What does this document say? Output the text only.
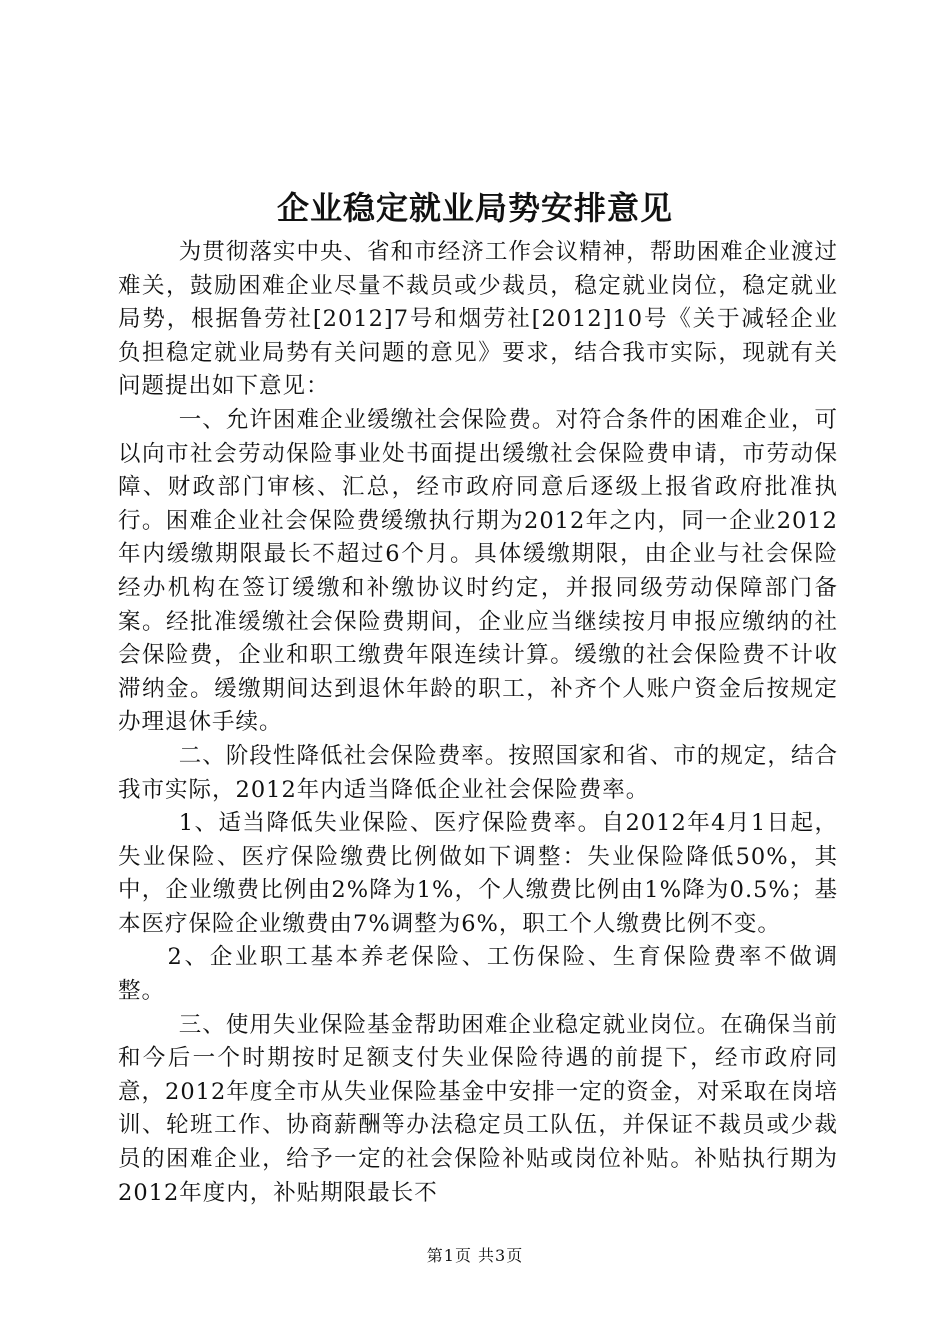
企业稳定就业局势安排意见

为贯彻落实中央、省和市经济工作会议精神，帮助困难企业渡过难关，鼓励困难企业尽量不裁员或少裁员，稳定就业岗位，稳定就业局势，根据鲁劳社[2012]7号和烟劳社[2012]10号《关于减轻企业负担稳定就业局势有关问题的意见》要求，结合我市实际，现就有关问题提出如下意见：

一、允许困难企业缓缴社会保险费。对符合条件的困难企业，可以向市社会劳动保险事业处书面提出缓缴社会保险费申请，市劳动保障、财政部门审核、汇总，经市政府同意后逐级上报省政府批准执行。困难企业社会保险费缓缴执行期为2012年之内，同一企业2012年内缓缴期限最长不超过6个月。具体缓缴期限，由企业与社会保险经办机构在签订缓缴和补缴协议时约定，并报同级劳动保障部门备案。经批准缓缴社会保险费期间，企业应当继续按月申报应缴纳的社会保险费，企业和职工缴费年限连续计算。缓缴的社会保险费不计收滞纳金。缓缴期间达到退休年龄的职工，补齐个人账户资金后按规定办理退休手续。

二、阶段性降低社会保险费率。按照国家和省、市的规定，结合我市实际，2012年内适当降低企业社会保险费率。

1、适当降低失业保险、医疗保险费率。自2012年4月1日起，失业保险、医疗保险缴费比例做如下调整：失业保险降低50%，其中，企业缴费比例由2%降为1%，个人缴费比例由1%降为0.5%；基本医疗保险企业缴费由7%调整为6%，职工个人缴费比例不变。

2、企业职工基本养老保险、工伤保险、生育保险费率不做调整。

三、使用失业保险基金帮助困难企业稳定就业岗位。在确保当前和今后一个时期按时足额支付失业保险待遇的前提下，经市政府同意，2012年度全市从失业保险基金中安排一定的资金，对采取在岗培训、轮班工作、协商薪酬等办法稳定员工队伍，并保证不裁员或少裁员的困难企业，给予一定的社会保险补贴或岗位补贴。补贴执行期为2012年度内，补贴期限最长不

第1页 共3页
